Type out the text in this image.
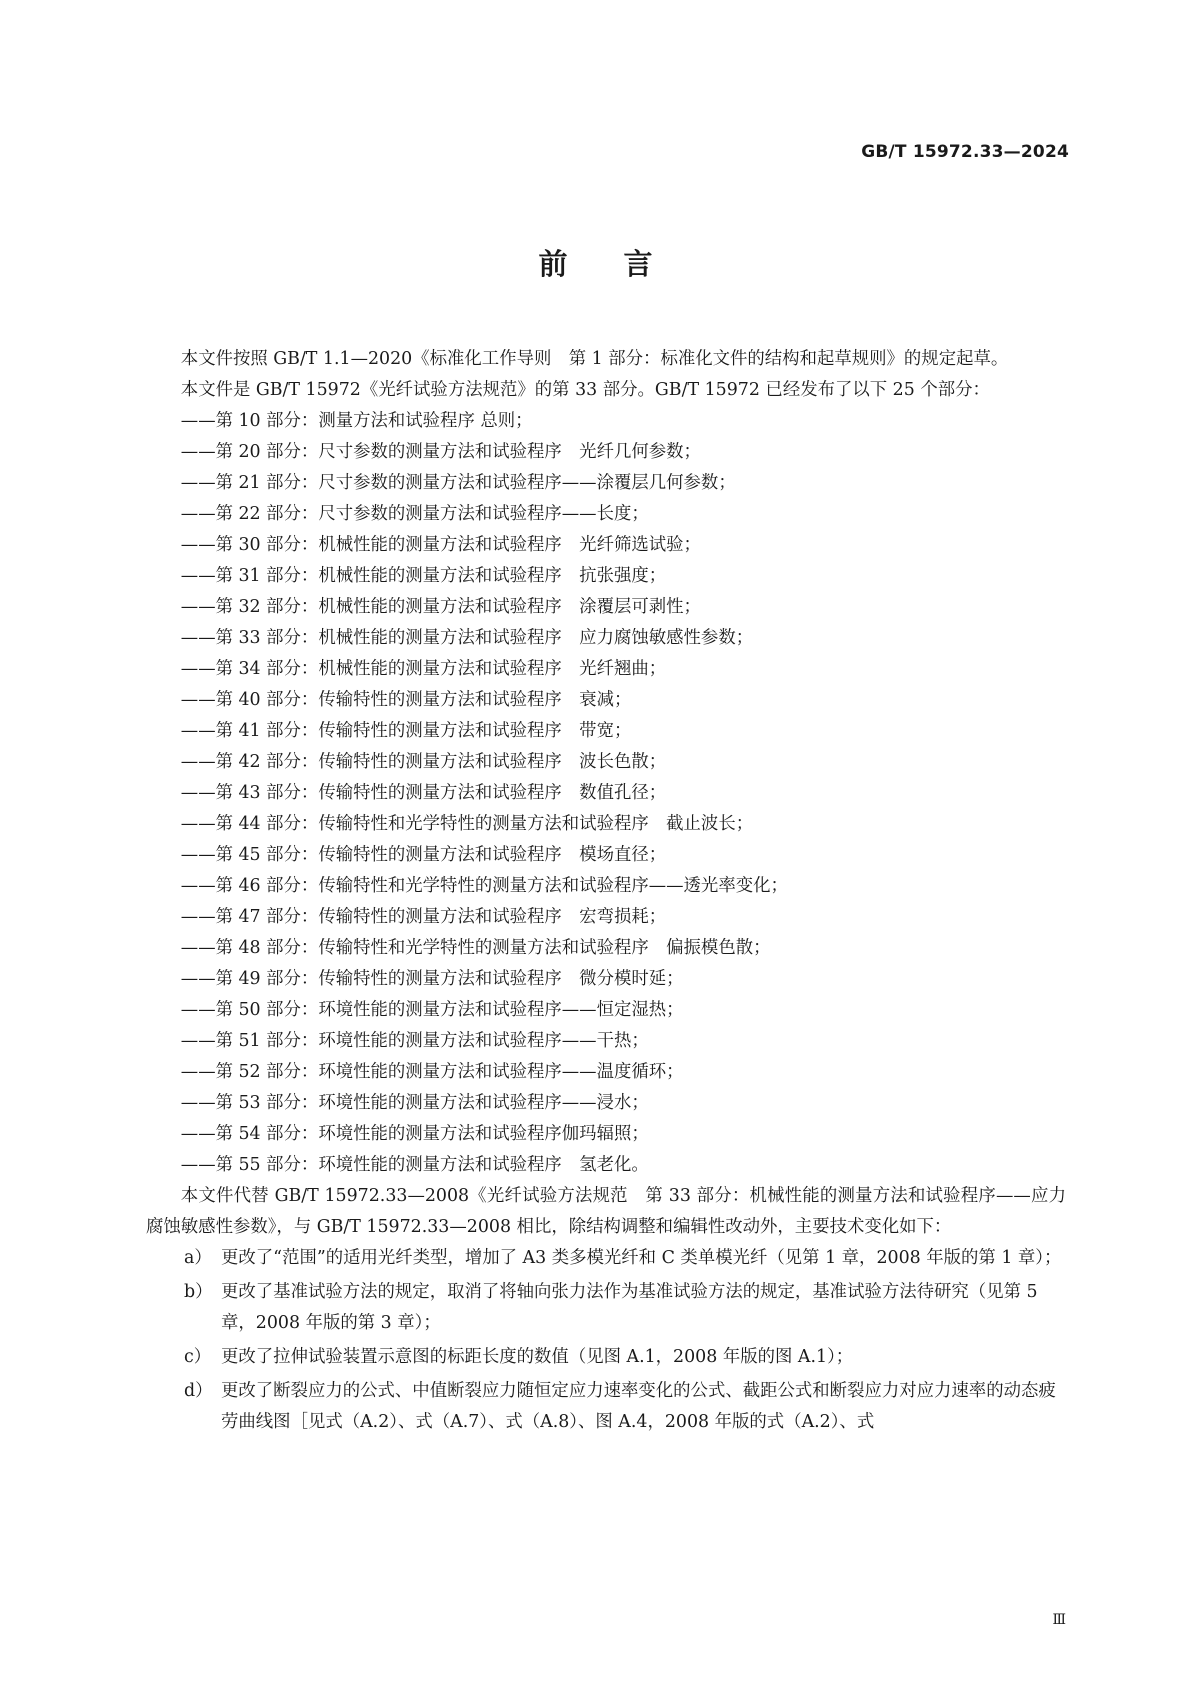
GB/T 15972.33—2024
前言

本文件按照 GB/T 1.1—2020《标准化工作导则　第 1 部分：标准化文件的结构和起草规则》的规定起草。

本文件是 GB/T 15972《光纤试验方法规范》的第 33 部分。GB/T 15972 已经发布了以下 25 个部分：

——第 10 部分：测量方法和试验程序 总则；

——第 20 部分：尺寸参数的测量方法和试验程序　光纤几何参数；

——第 21 部分：尺寸参数的测量方法和试验程序——涂覆层几何参数；

——第 22 部分：尺寸参数的测量方法和试验程序——长度；

——第 30 部分：机械性能的测量方法和试验程序　光纤筛选试验；

——第 31 部分：机械性能的测量方法和试验程序　抗张强度；

——第 32 部分：机械性能的测量方法和试验程序　涂覆层可剥性；

——第 33 部分：机械性能的测量方法和试验程序　应力腐蚀敏感性参数；

——第 34 部分：机械性能的测量方法和试验程序　光纤翘曲；

——第 40 部分：传输特性的测量方法和试验程序　衰减；

——第 41 部分：传输特性的测量方法和试验程序　带宽；

——第 42 部分：传输特性的测量方法和试验程序　波长色散；

——第 43 部分：传输特性的测量方法和试验程序　数值孔径；

——第 44 部分：传输特性和光学特性的测量方法和试验程序　截止波长；

——第 45 部分：传输特性的测量方法和试验程序　模场直径；

——第 46 部分：传输特性和光学特性的测量方法和试验程序——透光率变化；

——第 47 部分：传输特性的测量方法和试验程序　宏弯损耗；

——第 48 部分：传输特性和光学特性的测量方法和试验程序　偏振模色散；

——第 49 部分：传输特性的测量方法和试验程序　微分模时延；

——第 50 部分：环境性能的测量方法和试验程序——恒定湿热；

——第 51 部分：环境性能的测量方法和试验程序——干热；

——第 52 部分：环境性能的测量方法和试验程序——温度循环；

——第 53 部分：环境性能的测量方法和试验程序——浸水；

——第 54 部分：环境性能的测量方法和试验程序伽玛辐照；

——第 55 部分：环境性能的测量方法和试验程序　氢老化。

本文件代替 GB/T 15972.33—2008《光纤试验方法规范　第 33 部分：机械性能的测量方法和试验程序——应力腐蚀敏感性参数》，与 GB/T 15972.33—2008 相比，除结构调整和编辑性改动外，主要技术变化如下：

a） 更改了“范围”的适用光纤类型，增加了 A3 类多模光纤和 C 类单模光纤（见第 1 章，2008 年版的第 1 章）；
b） 更改了基准试验方法的规定，取消了将轴向张力法作为基准试验方法的规定，基准试验方法待研究（见第 5 章，2008 年版的第 3 章）；
c） 更改了拉伸试验装置示意图的标距长度的数值（见图 A.1，2008 年版的图 A.1）；
d） 更改了断裂应力的公式、中值断裂应力随恒定应力速率变化的公式、截距公式和断裂应力对应力速率的动态疲劳曲线图［见式（A.2）、式（A.7）、式（A.8）、图 A.4，2008 年版的式（A.2）、式
Ⅲ
